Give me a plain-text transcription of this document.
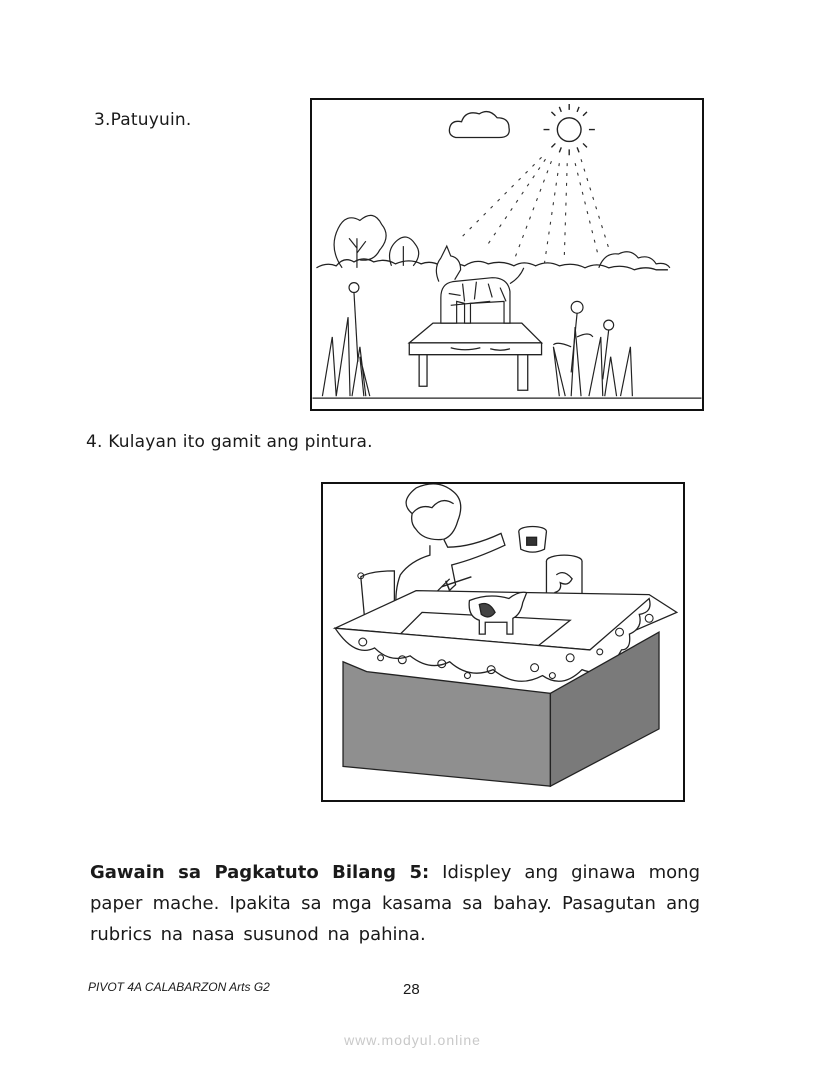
3.Patuyuin.
4. Kulayan ito gamit ang pintura.
Gawain sa Pagkatuto Bilang 5: Idispley ang ginawa mong paper mache. Ipakita sa mga kasama sa bahay. Pasagutan ang rubrics na nasa susunod na pahina.
PIVOT 4A CALABARZON Arts G2	28
www.modyul.online
